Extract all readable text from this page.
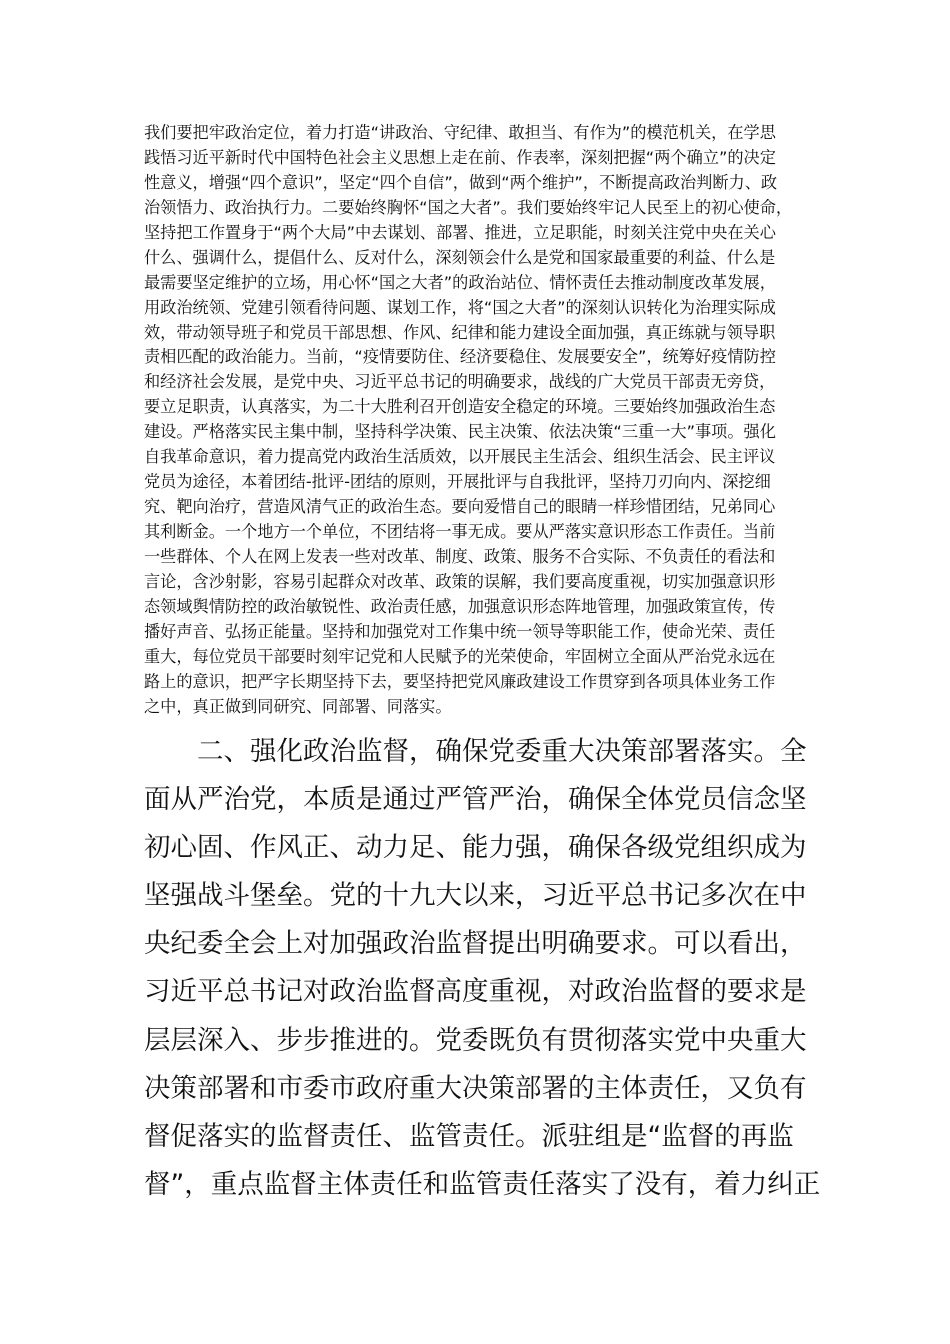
我们要把牢政治定位，着力打造“讲政治、守纪律、敢担当、有作为”的模范机关，在学思
践悟习近平新时代中国特色社会主义思想上走在前、作表率，深刻把握“两个确立”的决定
性意义，增强“四个意识”，坚定“四个自信”，做到“两个维护”，不断提高政治判断力、政
治领悟力、政治执行力。二要始终胸怀“国之大者”。我们要始终牢记人民至上的初心使命，
坚持把工作置身于“两个大局”中去谋划、部署、推进，立足职能，时刻关注党中央在关心
什么、强调什么，提倡什么、反对什么，深刻领会什么是党和国家最重要的利益、什么是
最需要坚定维护的立场，用心怀“国之大者”的政治站位、情怀责任去推动制度改革发展，
用政治统领、党建引领看待问题、谋划工作，将“国之大者”的深刻认识转化为治理实际成
效，带动领导班子和党员干部思想、作风、纪律和能力建设全面加强，真正练就与领导职
责相匹配的政治能力。当前，“疫情要防住、经济要稳住、发展要安全”，统筹好疫情防控
和经济社会发展，是党中央、习近平总书记的明确要求，战线的广大党员干部责无旁贷，
要立足职责，认真落实，为二十大胜利召开创造安全稳定的环境。三要始终加强政治生态
建设。严格落实民主集中制，坚持科学决策、民主决策、依法决策“三重一大”事项。强化
自我革命意识，着力提高党内政治生活质效，以开展民主生活会、组织生活会、民主评议
党员为途径，本着团结-批评-团结的原则，开展批评与自我批评，坚持刀刃向内、深挖细
究、靶向治疗，营造风清气正的政治生态。要向爱惜自己的眼睛一样珍惜团结，兄弟同心
其利断金。一个地方一个单位，不团结将一事无成。要从严落实意识形态工作责任。当前
一些群体、个人在网上发表一些对改革、制度、政策、服务不合实际、不负责任的看法和
言论，含沙射影，容易引起群众对改革、政策的误解，我们要高度重视，切实加强意识形
态领域舆情防控的政治敏锐性、政治责任感，加强意识形态阵地管理，加强政策宣传，传
播好声音、弘扬正能量。坚持和加强党对工作集中统一领导等职能工作，使命光荣、责任
重大，每位党员干部要时刻牢记党和人民赋予的光荣使命，牢固树立全面从严治党永远在
路上的意识，把严字长期坚持下去，要坚持把党风廉政建设工作贯穿到各项具体业务工作
之中，真正做到同研究、同部署、同落实。
二、强化政治监督，确保党委重大决策部署落实。全
面从严治党，本质是通过严管严治，确保全体党员信念坚
初心固、作风正、动力足、能力强，确保各级党组织成为
坚强战斗堡垒。党的十九大以来，习近平总书记多次在中
央纪委全会上对加强政治监督提出明确要求。可以看出，
习近平总书记对政治监督高度重视，对政治监督的要求是
层层深入、步步推进的。党委既负有贯彻落实党中央重大
决策部署和市委市政府重大决策部署的主体责任，又负有
督促落实的监督责任、监管责任。派驻组是“监督的再监
督”，重点监督主体责任和监管责任落实了没有，着力纠正
